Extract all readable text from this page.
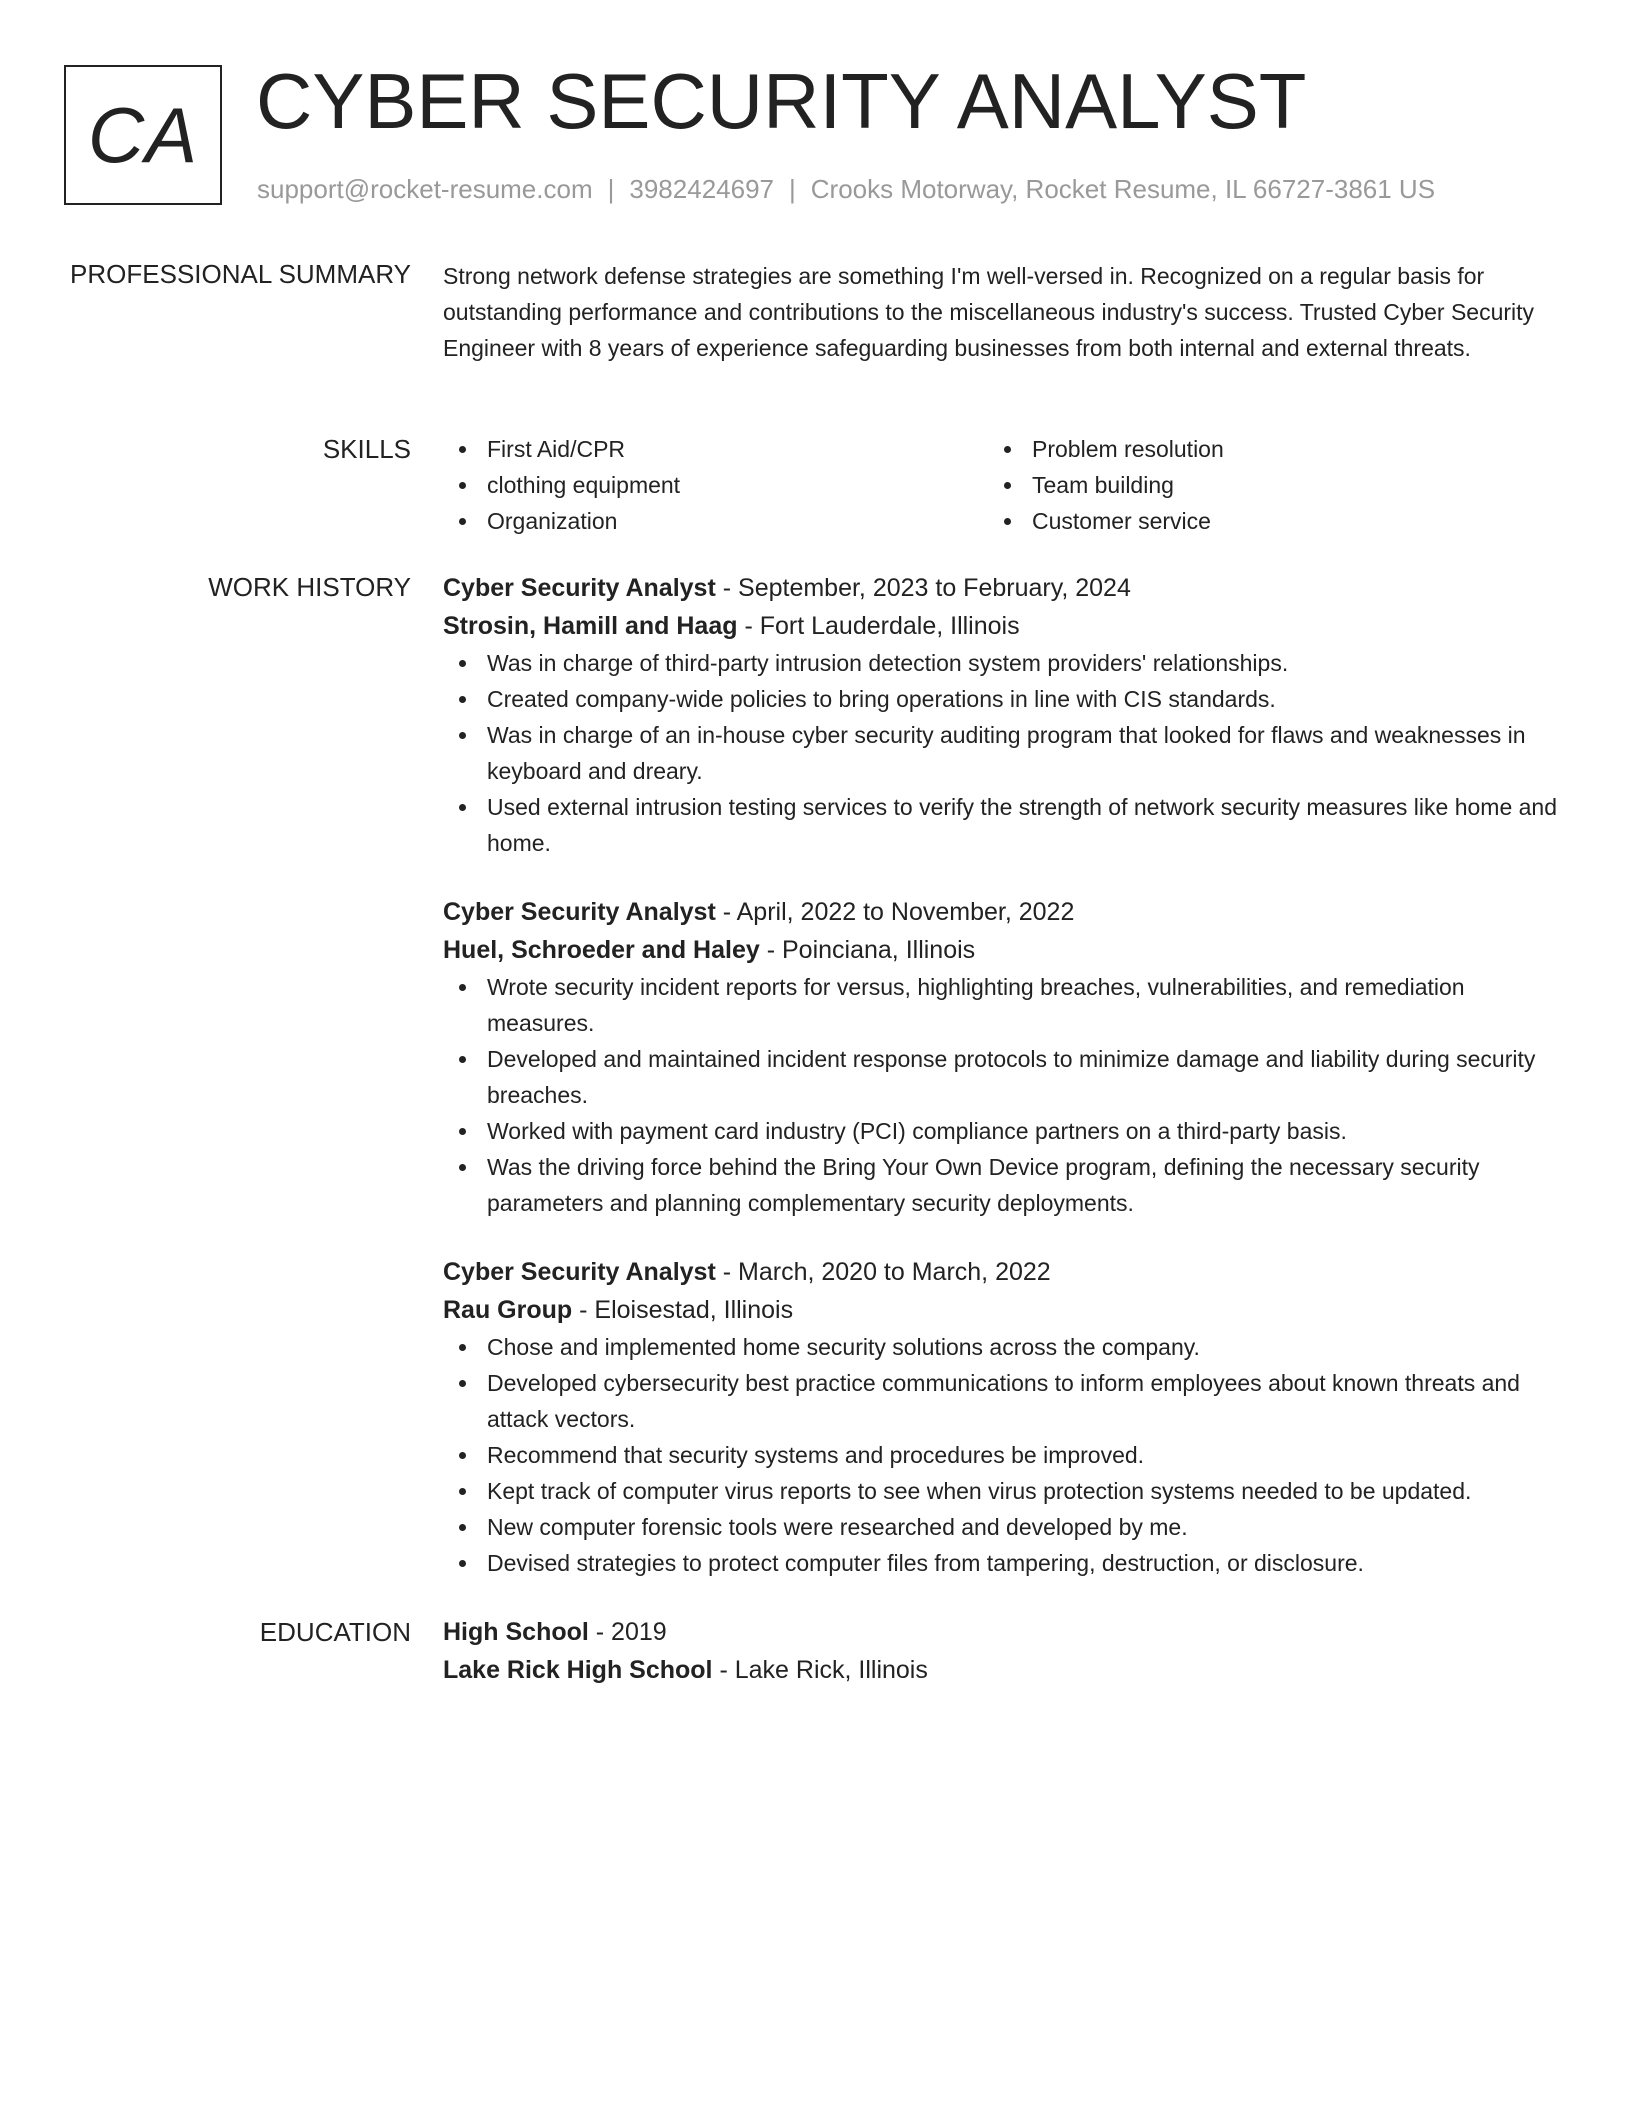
CA CYBER SECURITY ANALYST
support@rocket-resume.com | 3982424697 | Crooks Motorway, Rocket Resume, IL 66727-3861 US
PROFESSIONAL SUMMARY Strong network defense strategies are something I'm well-versed in. Recognized on a regular basis for outstanding performance and contributions to the miscellaneous industry's success. Trusted Cyber Security Engineer with 8 years of experience safeguarding businesses from both internal and external threats.

SKILLS	First Aid/CPR
clothing equipment
Organization
Problem resolution
Team building
Customer service
WORK HISTORY Cyber Security Analyst - September, 2023 to February, 2024
Strosin, Hamill and Haag - Fort Lauderdale, Illinois
Was in charge of third-party intrusion detection system providers' relationships.
Created company-wide policies to bring operations in line with CIS standards.
Was in charge of an in-house cyber security auditing program that looked for flaws and weaknesses in keyboard and dreary.
Used external intrusion testing services to verify the strength of network security measures like home and home.
Cyber Security Analyst - April, 2022 to November, 2022
Huel, Schroeder and Haley - Poinciana, Illinois
Wrote security incident reports for versus, highlighting breaches, vulnerabilities, and remediation measures.
Developed and maintained incident response protocols to minimize damage and liability during security breaches.
Worked with payment card industry (PCI) compliance partners on a third-party basis.
Was the driving force behind the Bring Your Own Device program, defining the necessary security parameters and planning complementary security deployments.
Cyber Security Analyst - March, 2020 to March, 2022
Rau Group - Eloisestad, Illinois
Chose and implemented home security solutions across the company.
Developed cybersecurity best practice communications to inform employees about known threats and attack vectors.
Recommend that security systems and procedures be improved.
Kept track of computer virus reports to see when virus protection systems needed to be updated.
New computer forensic tools were researched and developed by me.
Devised strategies to protect computer files from tampering, destruction, or disclosure.
EDUCATION High School - 2019
Lake Rick High School - Lake Rick, Illinois
